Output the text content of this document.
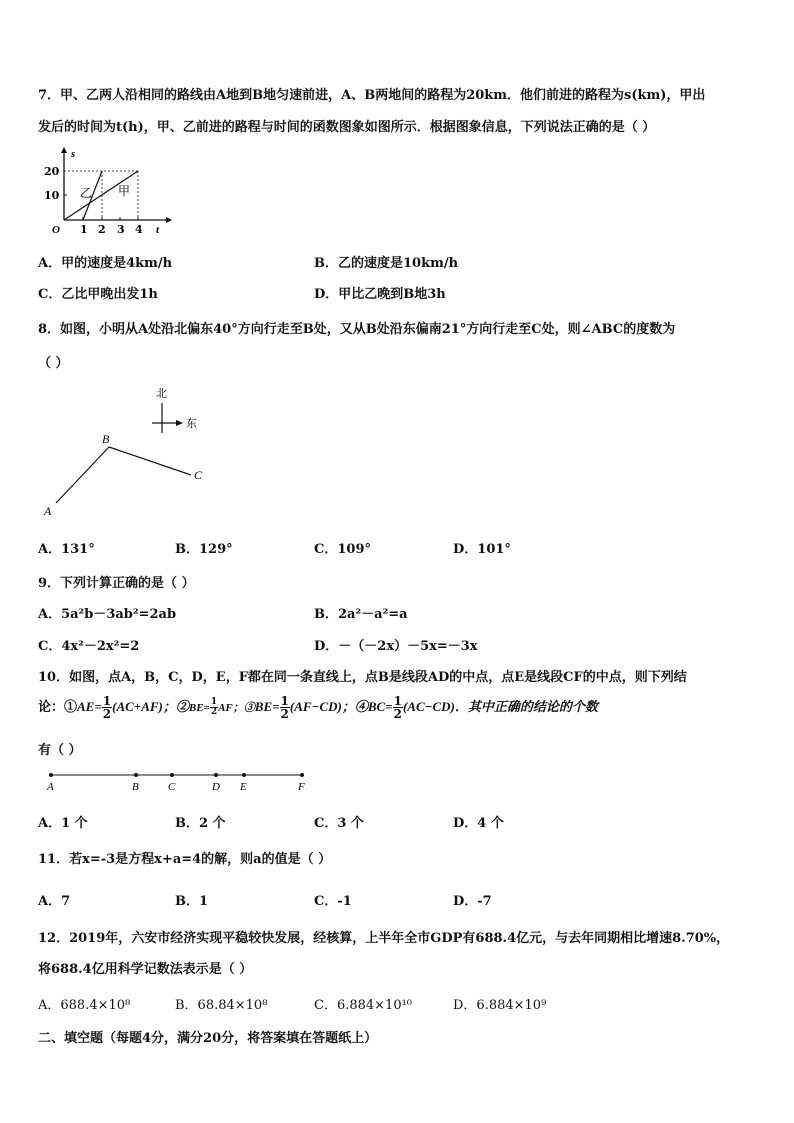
7．甲、乙两人沿相同的路线由A地到B地匀速前进，A、B两地间的路程为20km．他们前进的路程为s(km)，甲出
发后的时间为t(h)，甲、乙前进的路程与时间的函数图象如图所示．根据图象信息，下列说法正确的是（ ）
s
t
O
20
10
1 2 3 4
乙 甲
A．甲的速度是4km/h	B．乙的速度是10km/h
C．乙比甲晚出发1h	D．甲比乙晚到B地3h
8．如图，小明从A处沿北偏东40°方向行走至B处，又从B处沿东偏南21°方向行走至C处，则∠ABC的度数为
（ ）
北
东
A
B
C
A．131°	B．129°	C．109°	D．101°
9．下列计算正确的是（ ）
A．5a²b－3ab²=2ab	B．2a²－a²=a
C．4x²－2x²=2	D．－（－2x）－5x=－3x
10．如图，点A，B，C，D，E，F都在同一条直线上，点B是线段AD的中点，点E是线段CF的中点，则下列结
论：①AE= $\frac{1}{2} (AC+AF)$；②BE= $\frac{1}{2}$ AF；③BE= $\frac{1}{2} (AF-CD)$；④BC= $\frac{1}{2} (AC-CD)$．其中正确的结论的个数
有（ ）
A	B	C	D E	F
A．1 个	B．2 个	C．3 个	D．4 个
11．若x=-3是方程x+a=4的解，则a的值是（ ）
A．7	B．1	C．-1	D．-7
12．2019年，六安市经济实现平稳较快发展，经核算，上半年全市GDP有688.4亿元，与去年同期相比增速8.70%，
将688.4亿用科学记数法表示是（ ）
A．688.4×10⁸	B．68.84×10⁸	C．6.884×10¹⁰	D．6.884×10⁹
二、填空题（每题4分，满分20分，将答案填在答题纸上）
